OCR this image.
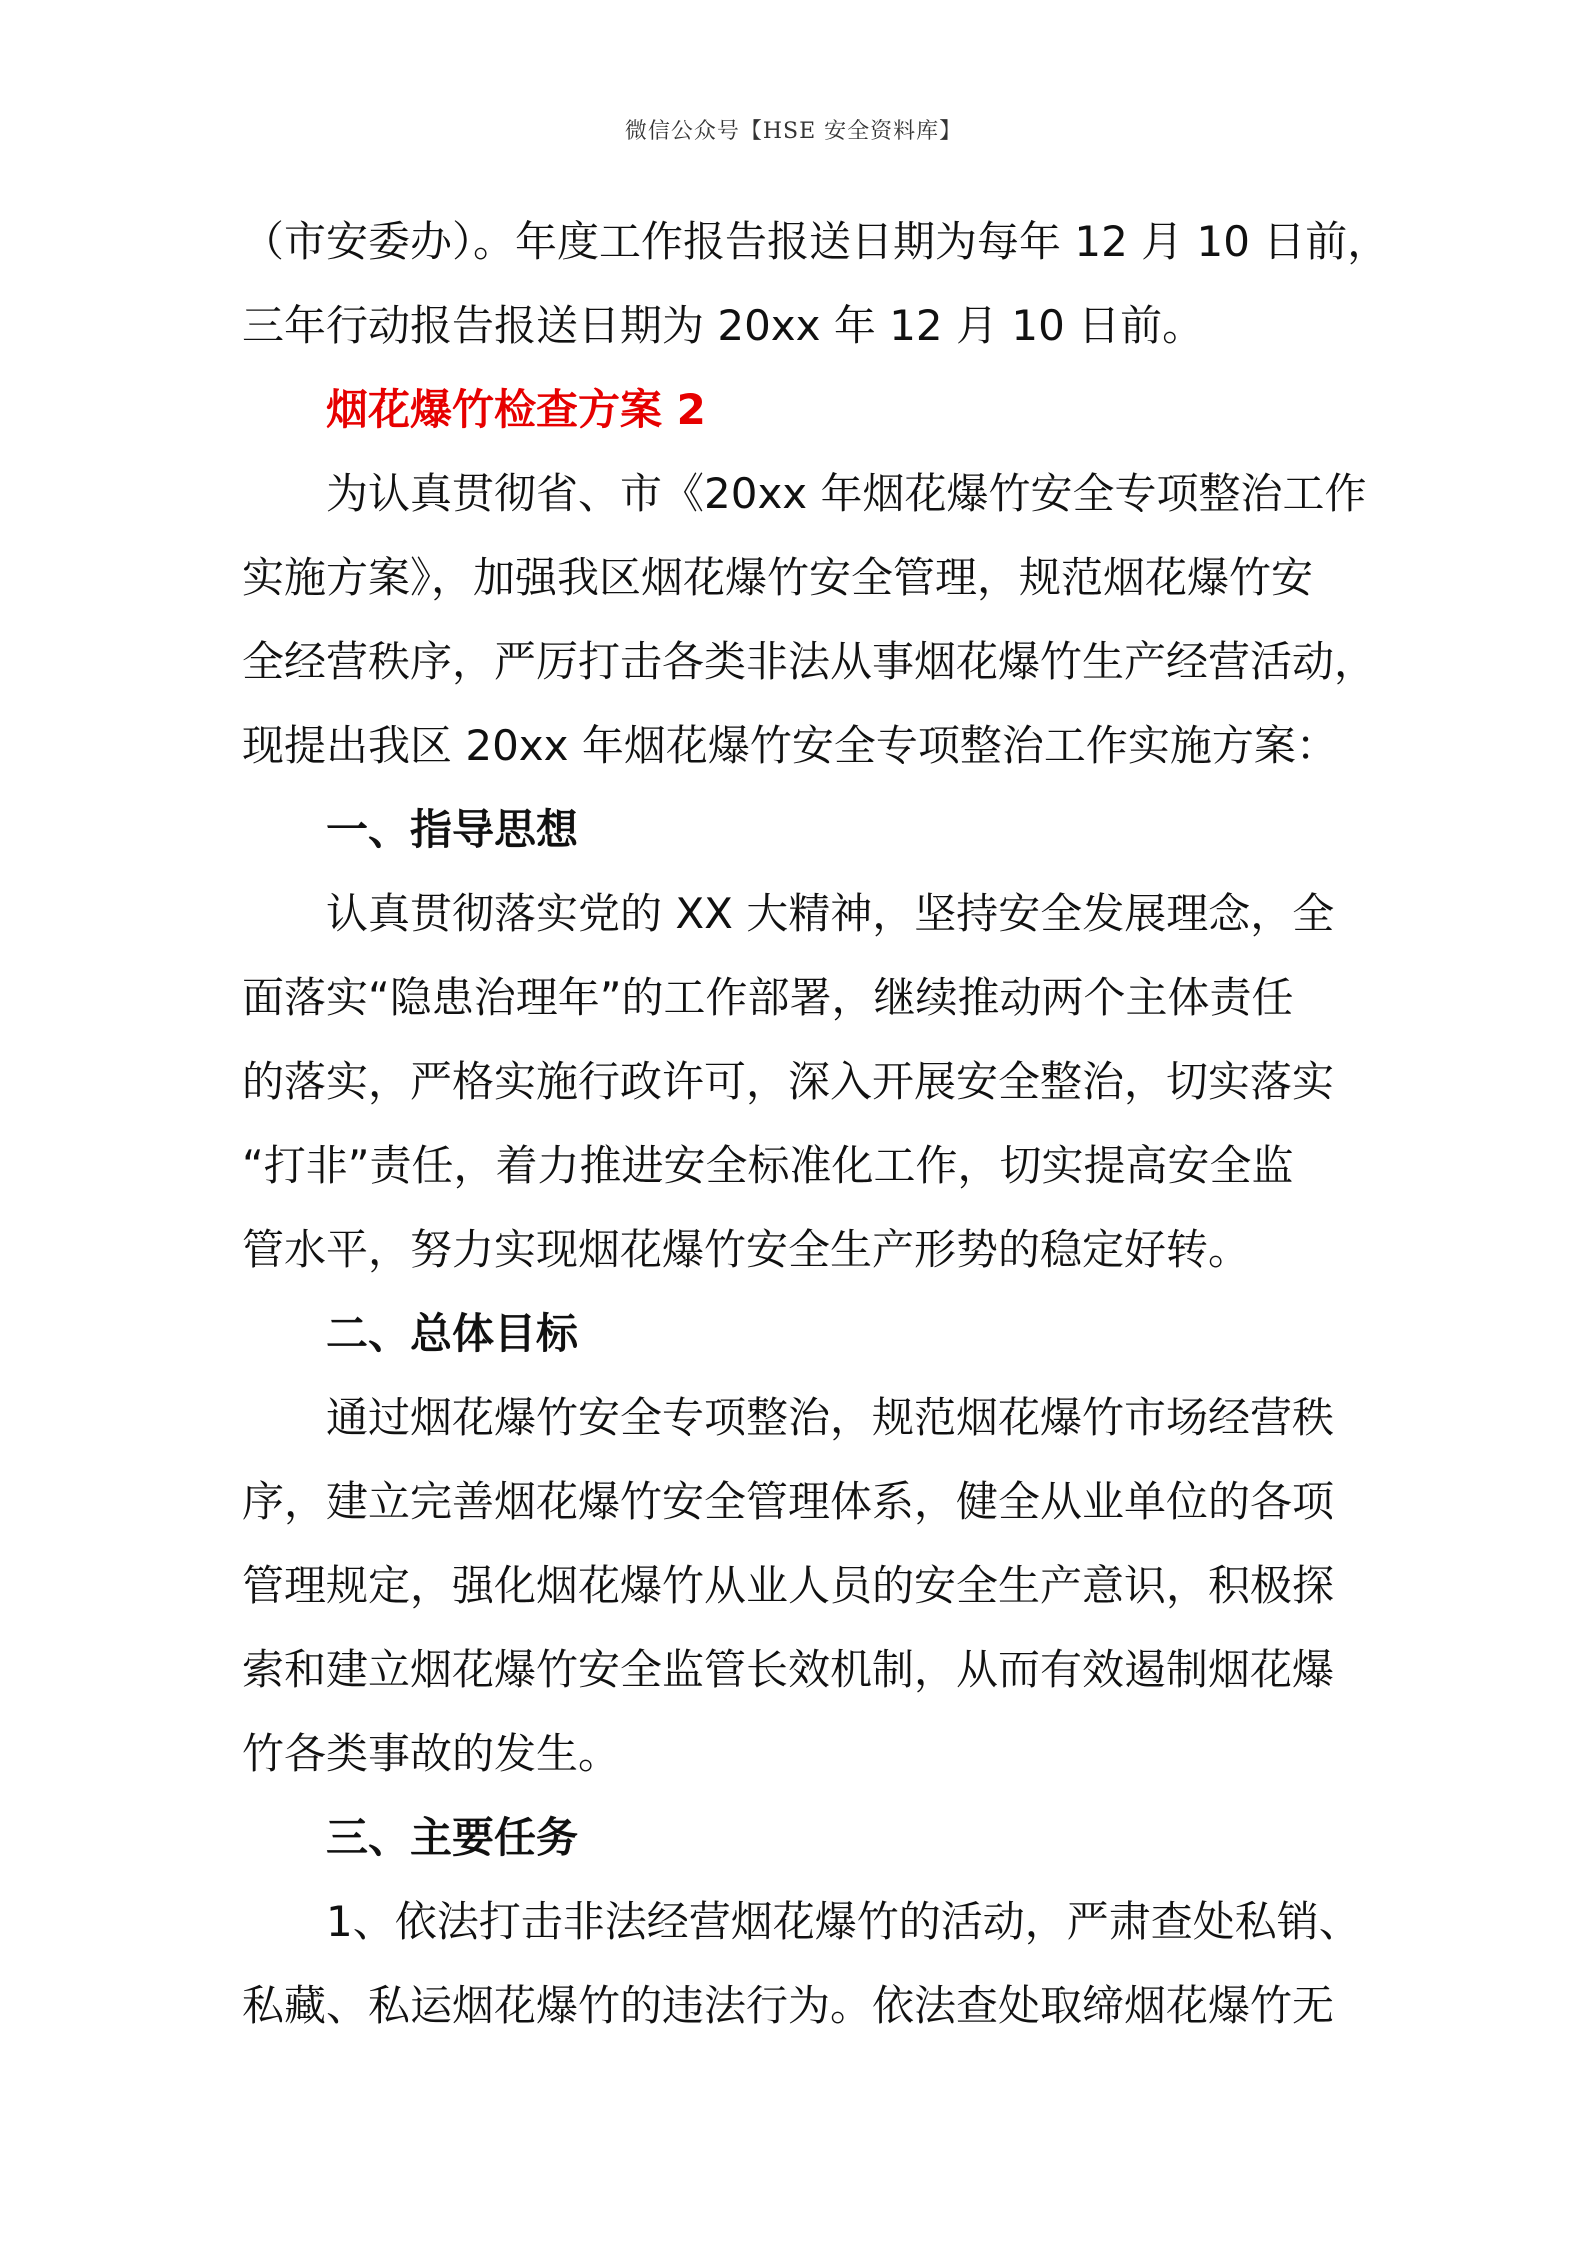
微信公众号【HSE 安全资料库】
（市安委办）。年度工作报告报送日期为每年 12 月 10 日前，
三年行动报告报送日期为 20xx 年 12 月 10 日前。
烟花爆竹检查方案 2
为认真贯彻省、市《20xx 年烟花爆竹安全专项整治工作
实施方案》，加强我区烟花爆竹安全管理，规范烟花爆竹安
全经营秩序，严厉打击各类非法从事烟花爆竹生产经营活动，
现提出我区 20xx 年烟花爆竹安全专项整治工作实施方案：
一、指导思想
认真贯彻落实党的 XX 大精神，坚持安全发展理念，全
面落实“隐患治理年”的工作部署，继续推动两个主体责任
的落实，严格实施行政许可，深入开展安全整治，切实落实
“打非”责任，着力推进安全标准化工作，切实提高安全监
管水平，努力实现烟花爆竹安全生产形势的稳定好转。
二、总体目标
通过烟花爆竹安全专项整治，规范烟花爆竹市场经营秩
序，建立完善烟花爆竹安全管理体系，健全从业单位的各项
管理规定，强化烟花爆竹从业人员的安全生产意识，积极探
索和建立烟花爆竹安全监管长效机制，从而有效遏制烟花爆
竹各类事故的发生。
三、主要任务
1、依法打击非法经营烟花爆竹的活动，严肃查处私销、
私藏、私运烟花爆竹的违法行为。依法查处取缔烟花爆竹无
